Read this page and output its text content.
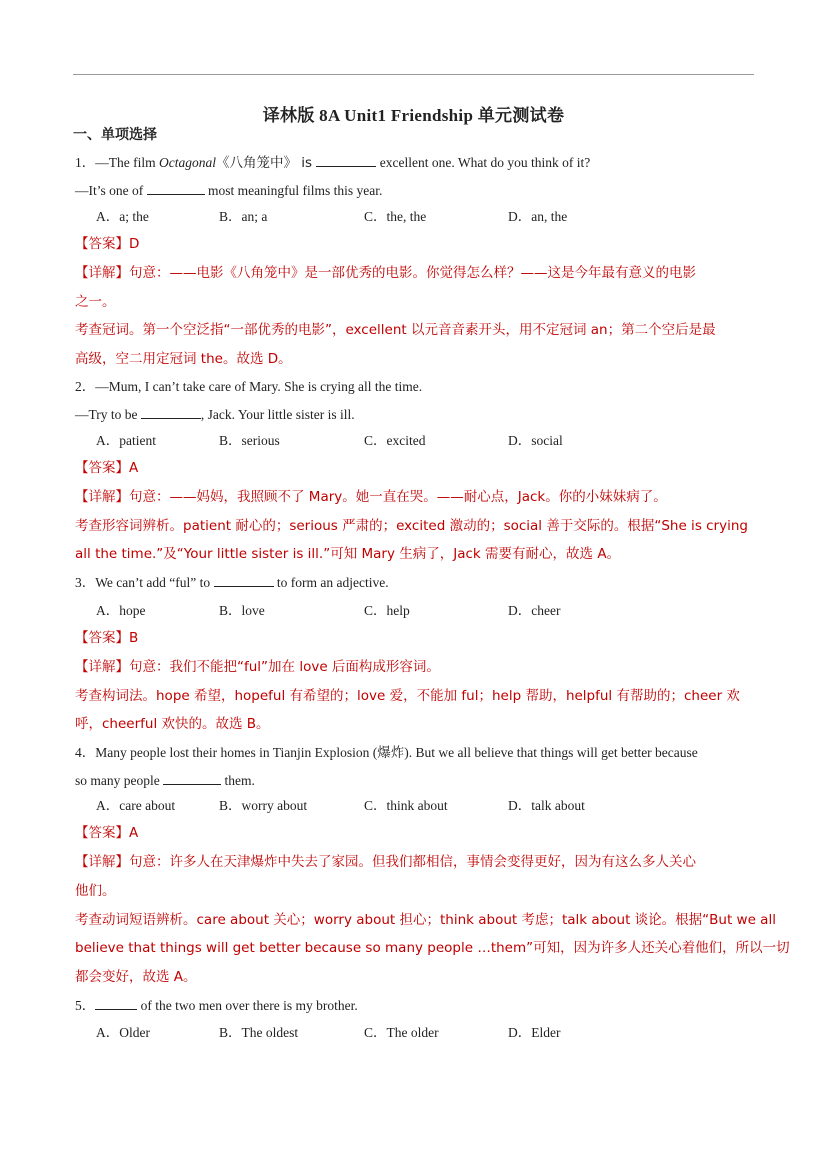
译林版 8A Unit1 Friendship 单元测试卷
一、单项选择
1．—The film Octagonal《八角笼中》 is	excellent one. What do you think of it?
—It’s one of	most meaningful films this year.
A．a; the	B．an; a	C．the, the	D．an, the
【答案】D
【详解】句意：——电影《八角笼中》是一部优秀的电影。你觉得怎么样？——这是今年最有意义的电影
之一。
考查冠词。第一个空泛指“一部优秀的电影”，excellent 以元音音素开头，用不定冠词 an；第二个空后是最
高级，空二用定冠词 the。故选 D。
2．—Mum, I can’t take care of Mary. She is crying all the time.
—Try to be	, Jack. Your little sister is ill.
A．patient	B．serious	C．excited	D．social
【答案】A
【详解】句意：——妈妈，我照顾不了 Mary。她一直在哭。——耐心点，Jack。你的小妹妹病了。
考查形容词辨析。patient 耐心的；serious 严肃的；excited 激动的；social 善于交际的。根据“She is crying
all the time.”及“Your little sister is ill.”可知 Mary 生病了，Jack 需要有耐心，故选 A。
3．We can’t add “ful” to	to form an adjective.
A．hope	B．love	C．help	D．cheer
【答案】B
【详解】句意：我们不能把“ful”加在 love 后面构成形容词。
考查构词法。hope 希望，hopeful 有希望的；love 爱，不能加 ful；help 帮助，helpful 有帮助的；cheer 欢
呼，cheerful 欢快的。故选 B。
4．Many people lost their homes in Tianjin Explosion (爆炸). But we all believe that things will get better because
so many people	them.
A．care about	B．worry about	C．think about	D．talk about
【答案】A
【详解】句意：许多人在天津爆炸中失去了家园。但我们都相信，事情会变得更好，因为有这么多人关心
他们。
考查动词短语辨析。care about 关心；worry about 担心；think about 考虑；talk about 谈论。根据“But we all
believe that things will get better because so many people …them”可知，因为许多人还关心着他们，所以一切
都会变好，故选 A。
5．	of the two men over there is my brother.
A．Older	B．The oldest	C．The older	D．Elder
